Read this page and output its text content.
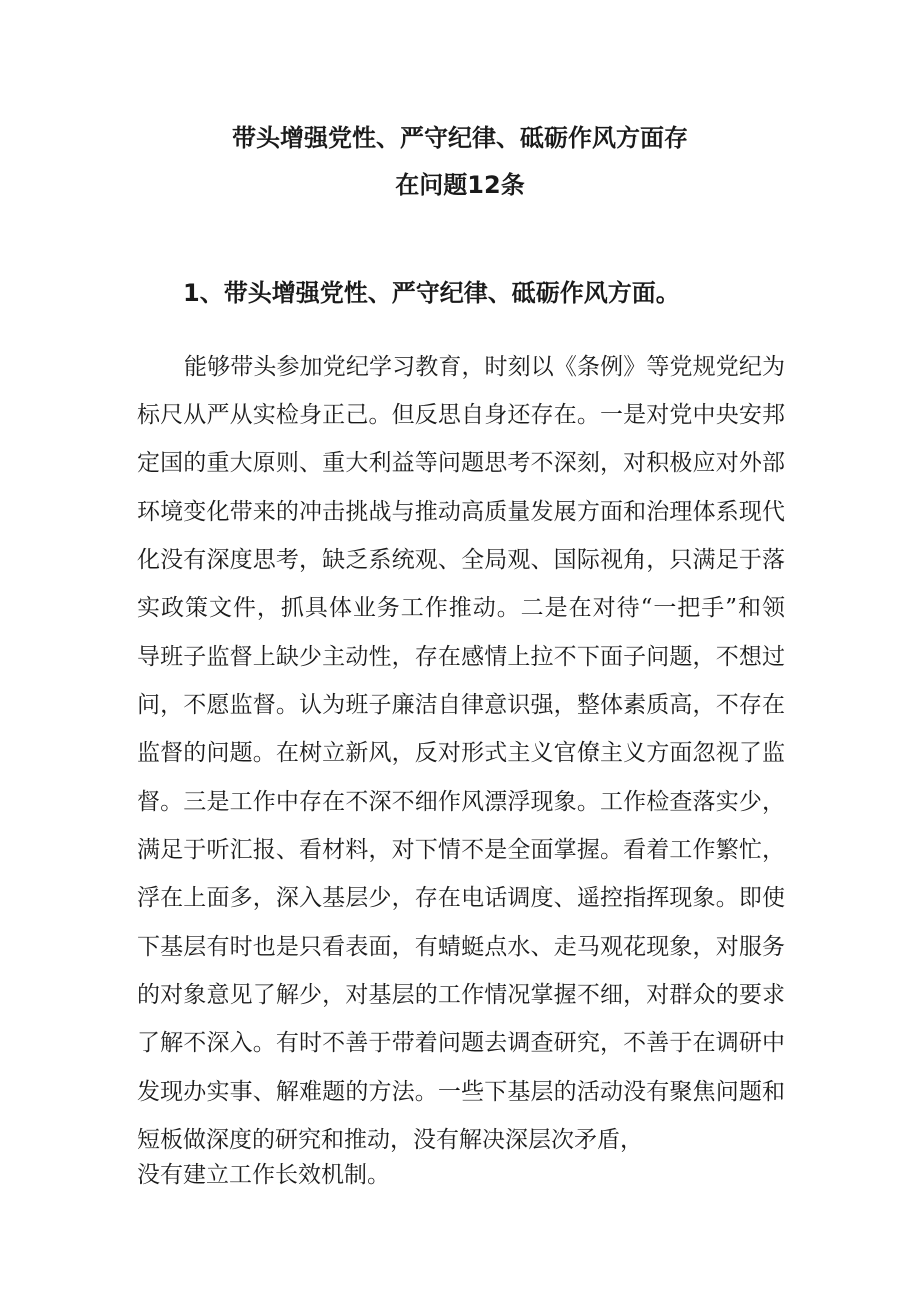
带头增强党性、严守纪律、砥砺作风方面存
在问题12条
1、带头增强党性、严守纪律、砥砺作风方面。

能够带头参加党纪学习教育，时刻以《条例》等党规党纪为

标尺从严从实检身正己。但反思自身还存在。一是对党中央安邦

定国的重大原则、重大利益等问题思考不深刻，对积极应对外部

环境变化带来的冲击挑战与推动高质量发展方面和治理体系现代

化没有深度思考，缺乏系统观、全局观、国际视角，只满足于落

实政策文件，抓具体业务工作推动。二是在对待“一把手”和领

导班子监督上缺少主动性，存在感情上拉不下面子问题，不想过

问，不愿监督。认为班子廉洁自律意识强，整体素质高，不存在

监督的问题。在树立新风，反对形式主义官僚主义方面忽视了监

督。三是工作中存在不深不细作风漂浮现象。工作检查落实少，

满足于听汇报、看材料，对下情不是全面掌握。看着工作繁忙，

浮在上面多，深入基层少，存在电话调度、遥控指挥现象。即使

下基层有时也是只看表面，有蜻蜓点水、走马观花现象，对服务

的对象意见了解少，对基层的工作情况掌握不细，对群众的要求

了解不深入。有时不善于带着问题去调查研究，不善于在调研中

发现办实事、解难题的方法。一些下基层的活动没有聚焦问题和

短板做深度的研究和推动，没有解决深层次矛盾，

没有建立工作长效机制。
